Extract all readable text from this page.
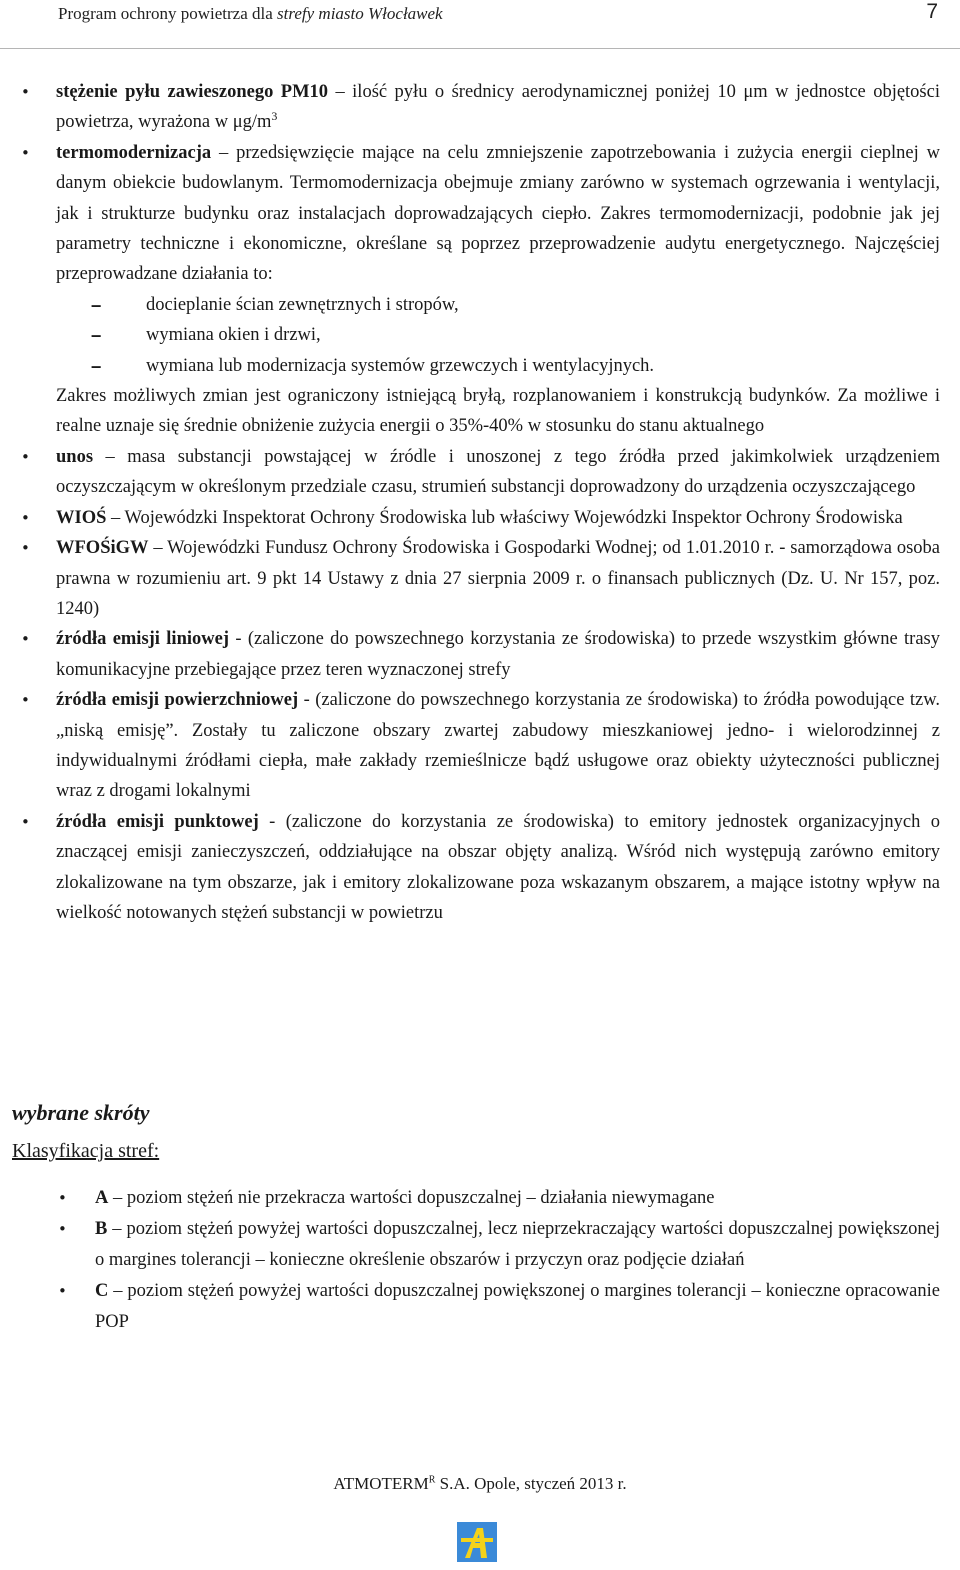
Program ochrony powietrza dla strefy miasto Włocławek	7

• stężenie pyłu zawieszonego PM10 – ilość pyłu o średnicy aerodynamicznej poniżej 10 μm w jednostce objętości powietrza, wyrażona w $\mu g/m^3$

• termomodernizacja – przedsięwzięcie mające na celu zmniejszenie zapotrzebowania i zużycia energii cieplnej w danym obiekcie budowlanym. Termomodernizacja obejmuje zmiany zarówno w systemach ogrzewania i wentylacji, jak i strukturze budynku oraz instalacjach doprowadzających ciepło. Zakres termomodernizacji, podobnie jak jej parametry techniczne i ekonomiczne, określane są poprzez przeprowadzenie audytu energetycznego. Najczęściej przeprowadzane działania to:

– docieplanie ścian zewnętrznych i stropów,
– wymiana okien i drzwi,
– wymiana lub modernizacja systemów grzewczych i wentylacyjnych.

Zakres możliwych zmian jest ograniczony istniejącą bryłą, rozplanowaniem i konstrukcją budynków. Za możliwe i realne uznaje się średnie obniżenie zużycia energii o 35%-40% w stosunku do stanu aktualnego

• unos – masa substancji powstającej w źródle i unoszonej z tego źródła przed jakimkolwiek urządzeniem oczyszczającym w określonym przedziale czasu, strumień substancji doprowadzony do urządzenia oczyszczającego

• WIOŚ – Wojewódzki Inspektorat Ochrony Środowiska lub właściwy Wojewódzki Inspektor Ochrony Środowiska

• WFOŚiGW – Wojewódzki Fundusz Ochrony Środowiska i Gospodarki Wodnej; od 1.01.2010 r. - samorządowa osoba prawna w rozumieniu art. 9 pkt 14 Ustawy z dnia 27 sierpnia 2009 r. o finansach publicznych (Dz. U. Nr 157, poz. 1240)

• źródła emisji liniowej - (zaliczone do powszechnego korzystania ze środowiska) to przede wszystkim główne trasy komunikacyjne przebiegające przez teren wyznaczonej strefy

• źródła emisji powierzchniowej - (zaliczone do powszechnego korzystania ze środowiska) to źródła powodujące tzw. „niską emisję”. Zostały tu zaliczone obszary zwartej zabudowy mieszkaniowej jedno- i wielorodzinnej z indywidualnymi źródłami ciepła, małe zakłady rzemieślnicze bądź usługowe oraz obiekty użyteczności publicznej wraz z drogami lokalnymi

• źródła emisji punktowej - (zaliczone do korzystania ze środowiska) to emitory jednostek organizacyjnych o znaczącej emisji zanieczyszczeń, oddziałujące na obszar objęty analizą. Wśród nich występują zarówno emitory zlokalizowane na tym obszarze, jak i emitory zlokalizowane poza wskazanym obszarem, a mające istotny wpływ na wielkość notowanych stężeń substancji w powietrzu

wybrane skróty
Klasyfikacja stref:

• A – poziom stężeń nie przekracza wartości dopuszczalnej – działania niewymagane

• B – poziom stężeń powyżej wartości dopuszczalnej, lecz nieprzekraczający wartości dopuszczalnej powiększonej o margines tolerancji – konieczne określenie obszarów i przyczyn oraz podjęcie działań

• C – poziom stężeń powyżej wartości dopuszczalnej powiększonej o margines tolerancji – konieczne opracowanie POP

$ATMOTERM^R$ S.A. Opole, styczeń 2013 r.
